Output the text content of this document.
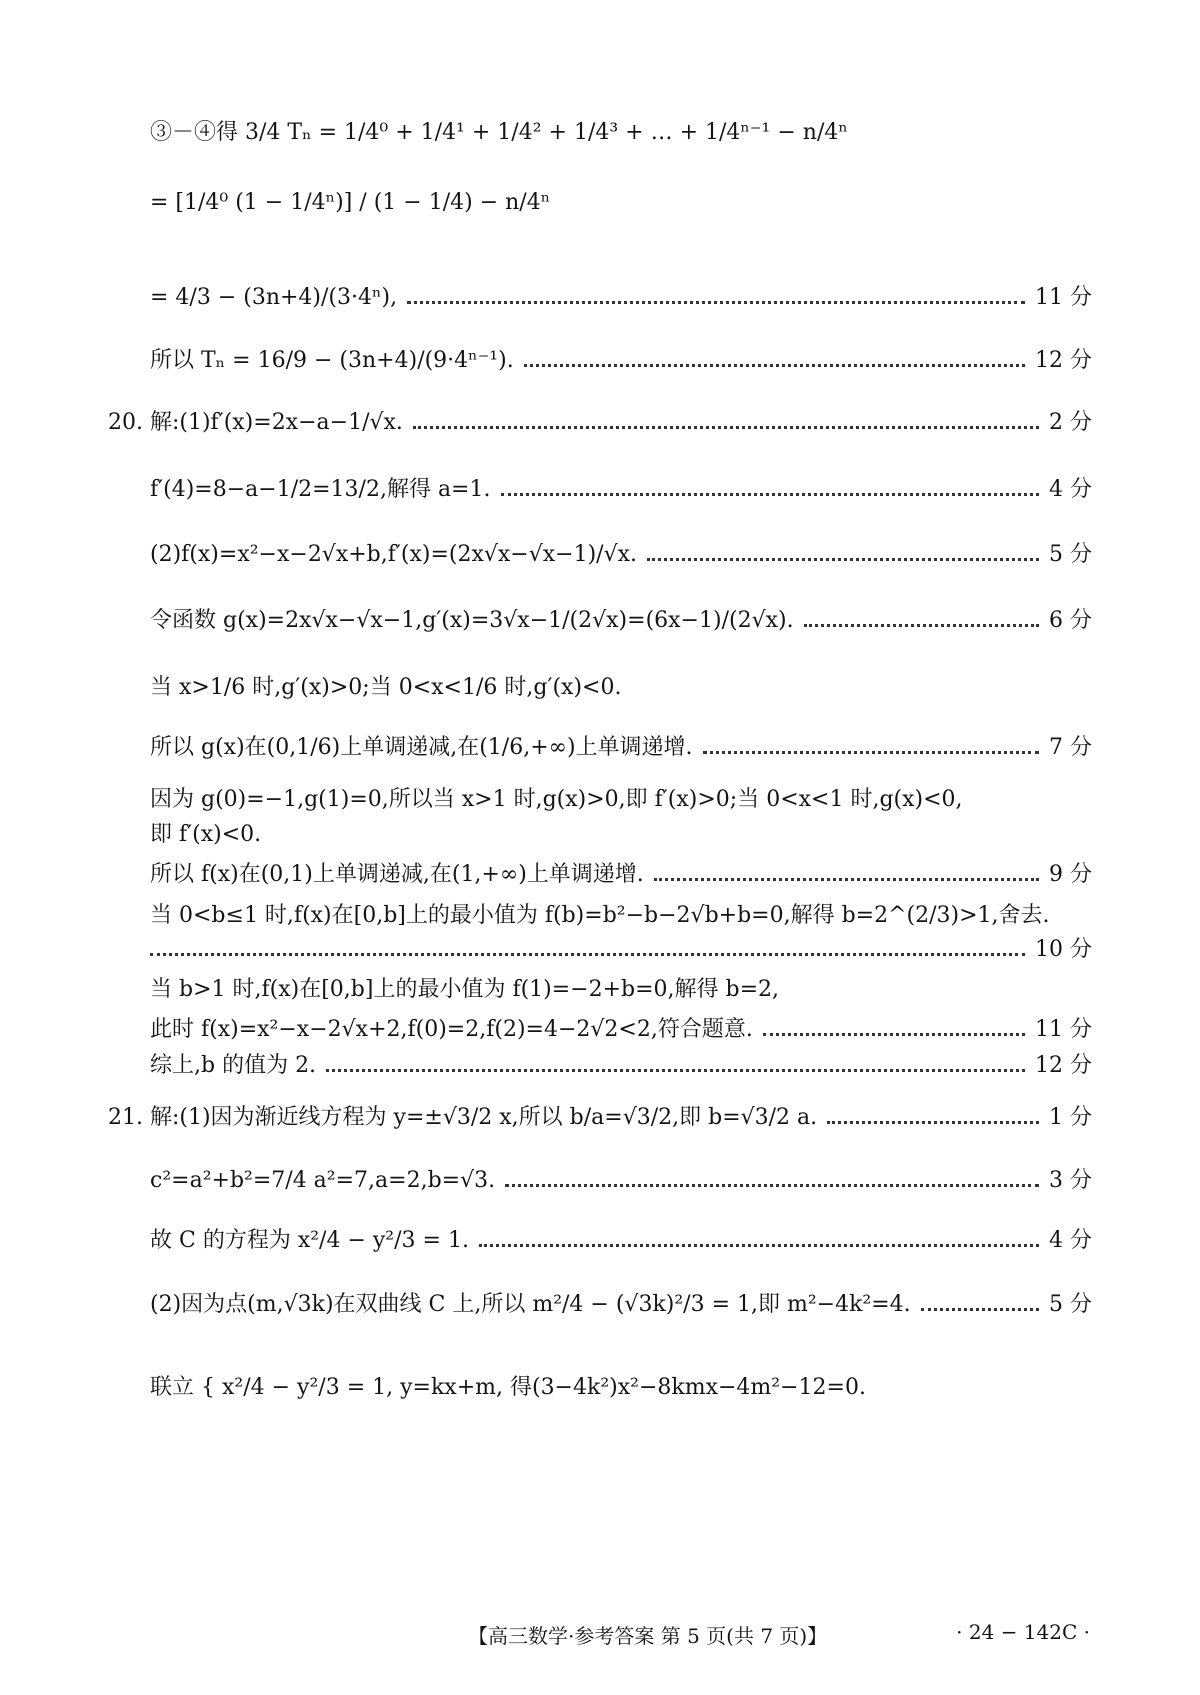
③－④得 3/4 Tₙ = 1/4⁰ + 1/4¹ + 1/4² + 1/4³ + … + 1/4ⁿ⁻¹ − n/4ⁿ
= [1/4⁰ (1 − 1/4ⁿ)] / (1 − 1/4) − n/4ⁿ
= 4/3 − (3n+4)/(3·4ⁿ),	11 分
所以 Tₙ = 16/9 − (3n+4)/(9·4ⁿ⁻¹).	12 分
20. 解:(1)f′(x)=2x−a−1/√x.	2 分
f′(4)=8−a−1/2=13/2,解得 a=1.	4 分
(2)f(x)=x²−x−2√x+b,f′(x)=(2x√x−√x−1)/√x.	5 分
令函数 g(x)=2x√x−√x−1,g′(x)=3√x−1/(2√x)=(6x−1)/(2√x).	6 分
当 x>1/6 时,g′(x)>0;当 0<x<1/6 时,g′(x)<0.
所以 g(x)在(0,1/6)上单调递减,在(1/6,+∞)上单调递增.	7 分
因为 g(0)=−1,g(1)=0,所以当 x>1 时,g(x)>0,即 f′(x)>0;当 0<x<1 时,g(x)<0,
即 f′(x)<0.
所以 f(x)在(0,1)上单调递减,在(1,+∞)上单调递增.	9 分
当 0<b≤1 时,f(x)在[0,b]上的最小值为 f(b)=b²−b−2√b+b=0,解得 b=2^(2/3)>1,舍去.
10 分
当 b>1 时,f(x)在[0,b]上的最小值为 f(1)=−2+b=0,解得 b=2,
此时 f(x)=x²−x−2√x+2,f(0)=2,f(2)=4−2√2<2,符合题意.	11 分
综上,b 的值为 2.	12 分
21. 解:(1)因为渐近线方程为 y=±√3/2 x,所以 b/a=√3/2,即 b=√3/2 a.	1 分
c²=a²+b²=7/4 a²=7,a=2,b=√3.	3 分
故 C 的方程为 x²/4 − y²/3 = 1.	4 分
(2)因为点(m,√3k)在双曲线 C 上,所以 m²/4 − (√3k)²/3 = 1,即 m²−4k²=4.	5 分
联立 { x²/4 − y²/3 = 1, y=kx+m, 得(3−4k²)x²−8kmx−4m²−12=0.
【高三数学·参考答案 第 5 页(共 7 页)】	· 24 − 142C ·
